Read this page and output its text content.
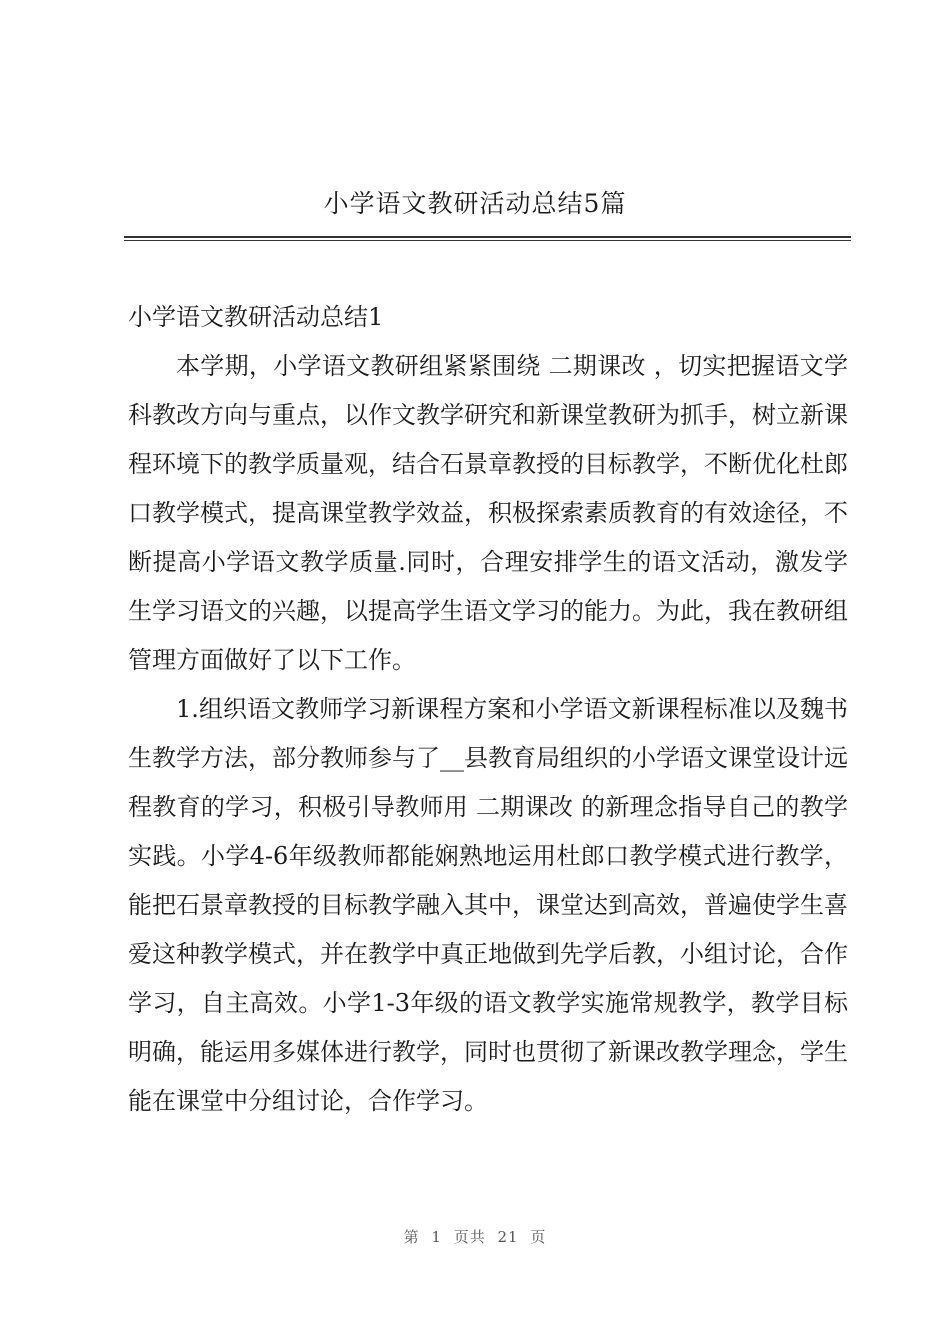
小学语文教研活动总结5篇
小学语文教研活动总结1

本学期，小学语文教研组紧紧围绕 二期课改 ，切实把握语文学科教改方向与重点，以作文教学研究和新课堂教研为抓手，树立新课程环境下的教学质量观，结合石景章教授的目标教学，不断优化杜郎口教学模式，提高课堂教学效益，积极探索素质教育的有效途径，不断提高小学语文教学质量.同时，合理安排学生的语文活动，激发学生学习语文的兴趣，以提高学生语文学习的能力。为此，我在教研组管理方面做好了以下工作。

1.组织语文教师学习新课程方案和小学语文新课程标准以及魏书生教学方法，部分教师参与了__县教育局组织的小学语文课堂设计远程教育的学习，积极引导教师用 二期课改 的新理念指导自己的教学实践。小学4-6年级教师都能娴熟地运用杜郎口教学模式进行教学，能把石景章教授的目标教学融入其中，课堂达到高效，普遍使学生喜爱这种教学模式，并在教学中真正地做到先学后教，小组讨论，合作学习，自主高效。小学1-3年级的语文教学实施常规教学，教学目标明确，能运用多媒体进行教学，同时也贯彻了新课改教学理念，学生能在课堂中分组讨论，合作学习。

第 1 页共 21 页
